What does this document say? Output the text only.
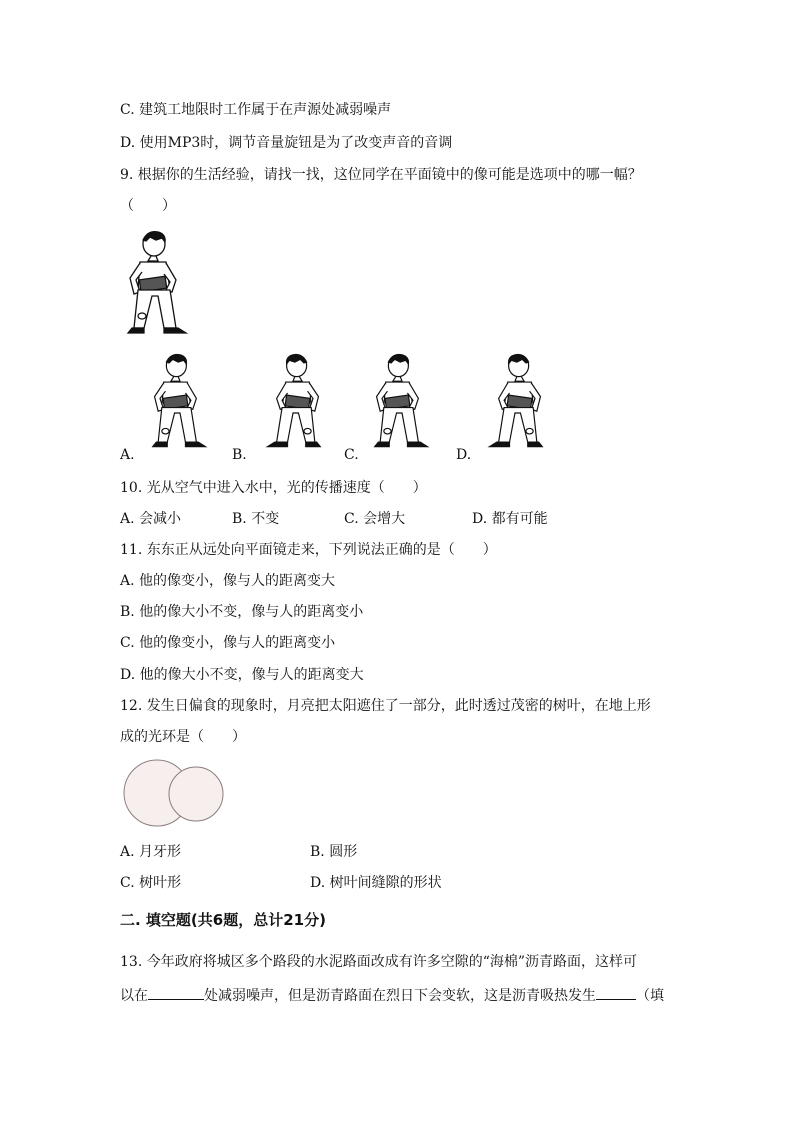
C. 建筑工地限时工作属于在声源处减弱噪声
D. 使用MP3时，调节音量旋钮是为了改变声音的音调
9. 根据你的生活经验，请找一找，这位同学在平面镜中的像可能是选项中的哪一幅？
（　　）
A.	B.	C.	D.
10. 光从空气中进入水中，光的传播速度（　　）
A. 会减小	B. 不变	C. 会增大	D. 都有可能
11. 东东正从远处向平面镜走来，下列说法正确的是（　　）
A. 他的像变小，像与人的距离变大
B. 他的像大小不变，像与人的距离变小
C. 他的像变小，像与人的距离变小
D. 他的像大小不变，像与人的距离变大
12. 发生日偏食的现象时，月亮把太阳遮住了一部分，此时透过茂密的树叶，在地上形
成的光环是（　　）
A. 月牙形	B. 圆形
C. 树叶形	D. 树叶间缝隙的形状
二. 填空题(共6题，总计21分)
13. 今年政府将城区多个路段的水泥路面改成有许多空隙的“海棉”沥青路面，这样可
以在	处减弱噪声，但是沥青路面在烈日下会变软，这是沥青吸热发生	（填
